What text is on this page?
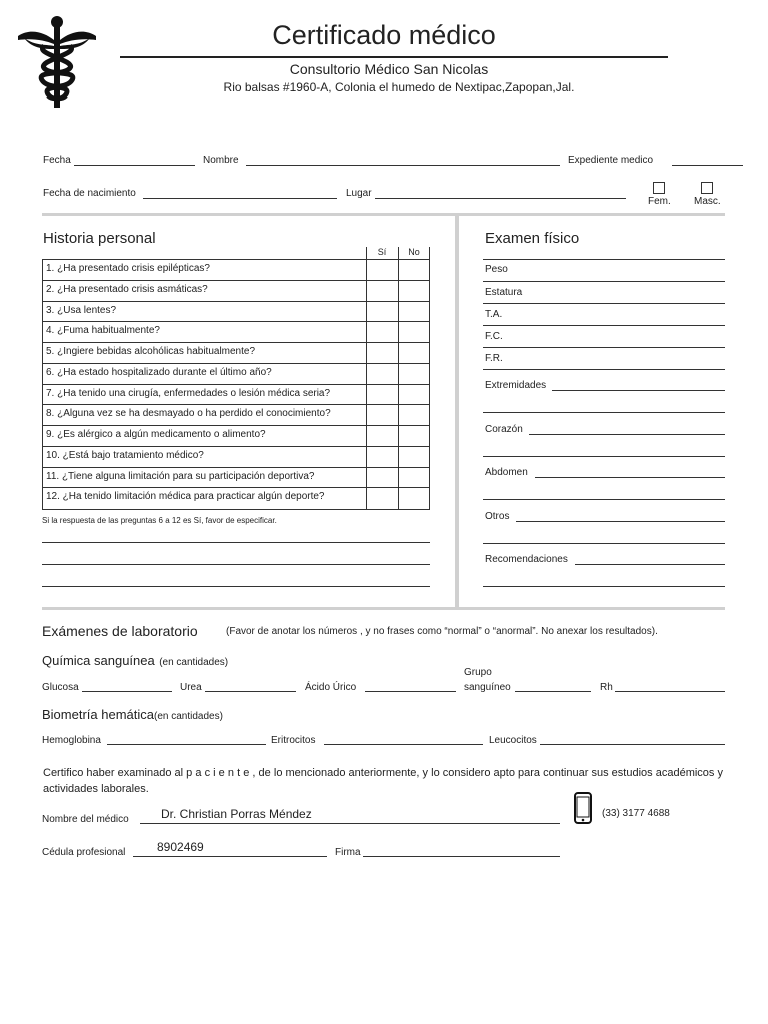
Certificado médico
Consultorio Médico San Nicolas
Rio balsas #1960-A, Colonia el humedo de Nextipac,Zapopan,Jal.
Fecha	Nombre	Expediente medico
Fecha de nacimiento	Lugar
Fem. Masc.
Historia personal
Sí	No
1. ¿Ha presentado crisis epilépticas?
2. ¿Ha presentado crisis asmáticas?
3. ¿Usa lentes?
4. ¿Fuma habitualmente?
5. ¿Ingiere bebidas alcohólicas habitualmente?
6. ¿Ha estado hospitalizado durante el último año?
7. ¿Ha tenido una cirugía, enfermedades o lesión médica seria?
8. ¿Alguna vez se ha desmayado o ha perdido el conocimiento?
9. ¿Es alérgico a algún medicamento o alimento?
10. ¿Está bajo tratamiento médico?
11. ¿Tiene alguna limitación para su participación deportiva?
12. ¿Ha tenido limitación médica para practicar algún deporte?
Si la respuesta de las preguntas 6 a 12 es Sí, favor de especificar.
Examen físico
Peso
Estatura
T.A.
F.C.
F.R.
Extremidades
Corazón
Abdomen
Otros
Recomendaciones
Exámenes de laboratorio	(Favor de anotar los números , y no frases como “normal” o “anormal”. No anexar los resultados).
Química sanguínea (en cantidades)
Glucosa	Urea	Ácido Úrico
Grupo
sanguíneo	Rh
Biometría hemática(en cantidades)
Hemoglobina	Eritrocitos	Leucocitos
Certifico haber examinado al p a c i e n t e , de lo mencionado anteriormente, y lo considero apto para continuar sus estudios académicos y actividades laborales.
Nombre del médico	Dr. Christian Porras Méndez	(33) 3177 4688
Cédula profesional	8902469	Firma
